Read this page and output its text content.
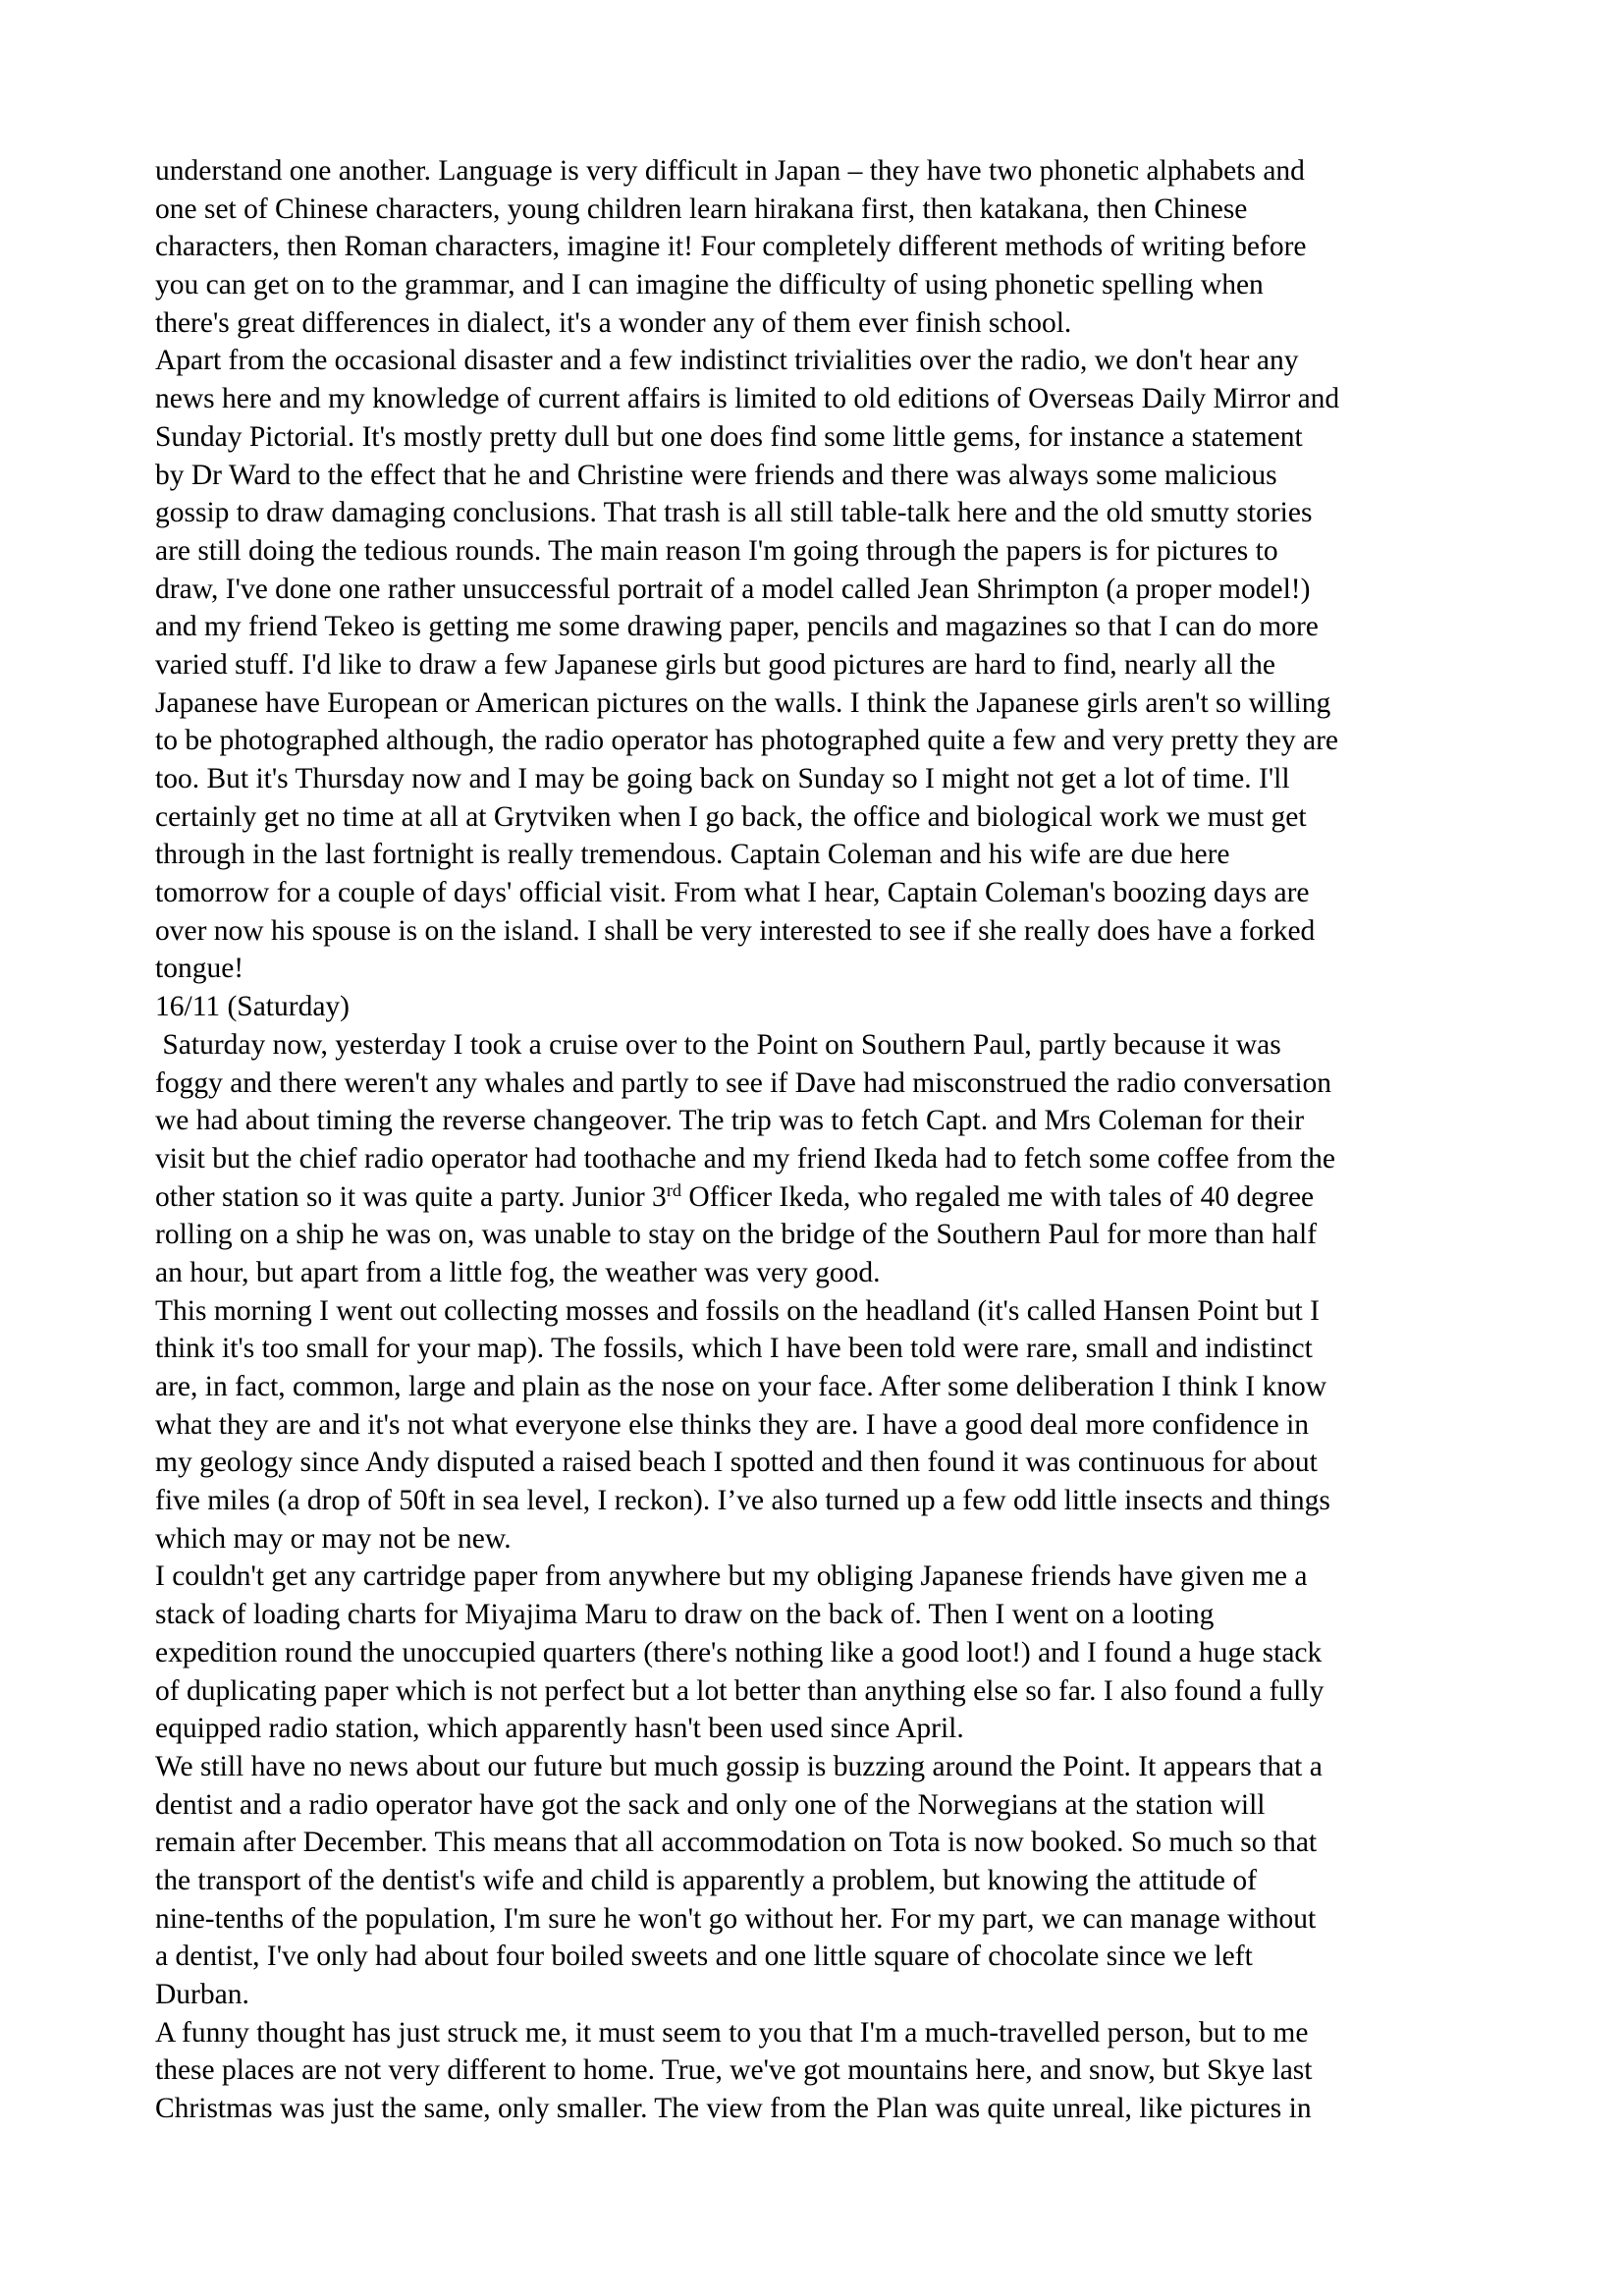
understand one another. Language is very difficult in Japan – they have two phonetic alphabets and
one set of Chinese characters, young children learn hirakana first, then katakana, then Chinese
characters, then Roman characters, imagine it! Four completely different methods of writing before
you can get on to the grammar, and I can imagine the difficulty of using phonetic spelling when
there's great differences in dialect, it's a wonder any of them ever finish school.
Apart from the occasional disaster and a few indistinct trivialities over the radio, we don't hear any
news here and my knowledge of current affairs is limited to old editions of Overseas Daily Mirror and
Sunday Pictorial. It's mostly pretty dull but one does find some little gems, for instance a statement
by Dr Ward to the effect that he and Christine were friends and there was always some malicious
gossip to draw damaging conclusions. That trash is all still table-talk here and the old smutty stories
are still doing the tedious rounds. The main reason I'm going through the papers is for pictures to
draw, I've done one rather unsuccessful portrait of a model called Jean Shrimpton (a proper model!)
and my friend Tekeo is getting me some drawing paper, pencils and magazines so that I can do more
varied stuff. I'd like to draw a few Japanese girls but good pictures are hard to find, nearly all the
Japanese have European or American pictures on the walls. I think the Japanese girls aren't so willing
to be photographed although, the radio operator has photographed quite a few and very pretty they are
too. But it's Thursday now and I may be going back on Sunday so I might not get a lot of time. I'll
certainly get no time at all at Grytviken when I go back, the office and biological work we must get
through in the last fortnight is really tremendous. Captain Coleman and his wife are due here
tomorrow for a couple of days' official visit. From what I hear, Captain Coleman's boozing days are
over now his spouse is on the island. I shall be very interested to see if she really does have a forked
tongue!
16/11 (Saturday)
Saturday now, yesterday I took a cruise over to the Point on Southern Paul, partly because it was
foggy and there weren't any whales and partly to see if Dave had misconstrued the radio conversation
we had about timing the reverse changeover. The trip was to fetch Capt. and Mrs Coleman for their
visit but the chief radio operator had toothache and my friend Ikeda had to fetch some coffee from the
other station so it was quite a party. Junior 3rd Officer Ikeda, who regaled me with tales of 40 degree
rolling on a ship he was on, was unable to stay on the bridge of the Southern Paul for more than half
an hour, but apart from a little fog, the weather was very good.
This morning I went out collecting mosses and fossils on the headland (it's called Hansen Point but I
think it's too small for your map). The fossils, which I have been told were rare, small and indistinct
are, in fact, common, large and plain as the nose on your face. After some deliberation I think I know
what they are and it's not what everyone else thinks they are. I have a good deal more confidence in
my geology since Andy disputed a raised beach I spotted and then found it was continuous for about
five miles (a drop of 50ft in sea level, I reckon). I’ve also turned up a few odd little insects and things
which may or may not be new.
I couldn't get any cartridge paper from anywhere but my obliging Japanese friends have given me a
stack of loading charts for Miyajima Maru to draw on the back of. Then I went on a looting
expedition round the unoccupied quarters (there's nothing like a good loot!) and I found a huge stack
of duplicating paper which is not perfect but a lot better than anything else so far. I also found a fully
equipped radio station, which apparently hasn't been used since April.
We still have no news about our future but much gossip is buzzing around the Point. It appears that a
dentist and a radio operator have got the sack and only one of the Norwegians at the station will
remain after December. This means that all accommodation on Tota is now booked. So much so that
the transport of the dentist's wife and child is apparently a problem, but knowing the attitude of
nine-tenths of the population, I'm sure he won't go without her. For my part, we can manage without
a dentist, I've only had about four boiled sweets and one little square of chocolate since we left
Durban.
A funny thought has just struck me, it must seem to you that I'm a much-travelled person, but to me
these places are not very different to home. True, we've got mountains here, and snow, but Skye last
Christmas was just the same, only smaller. The view from the Plan was quite unreal, like pictures in
